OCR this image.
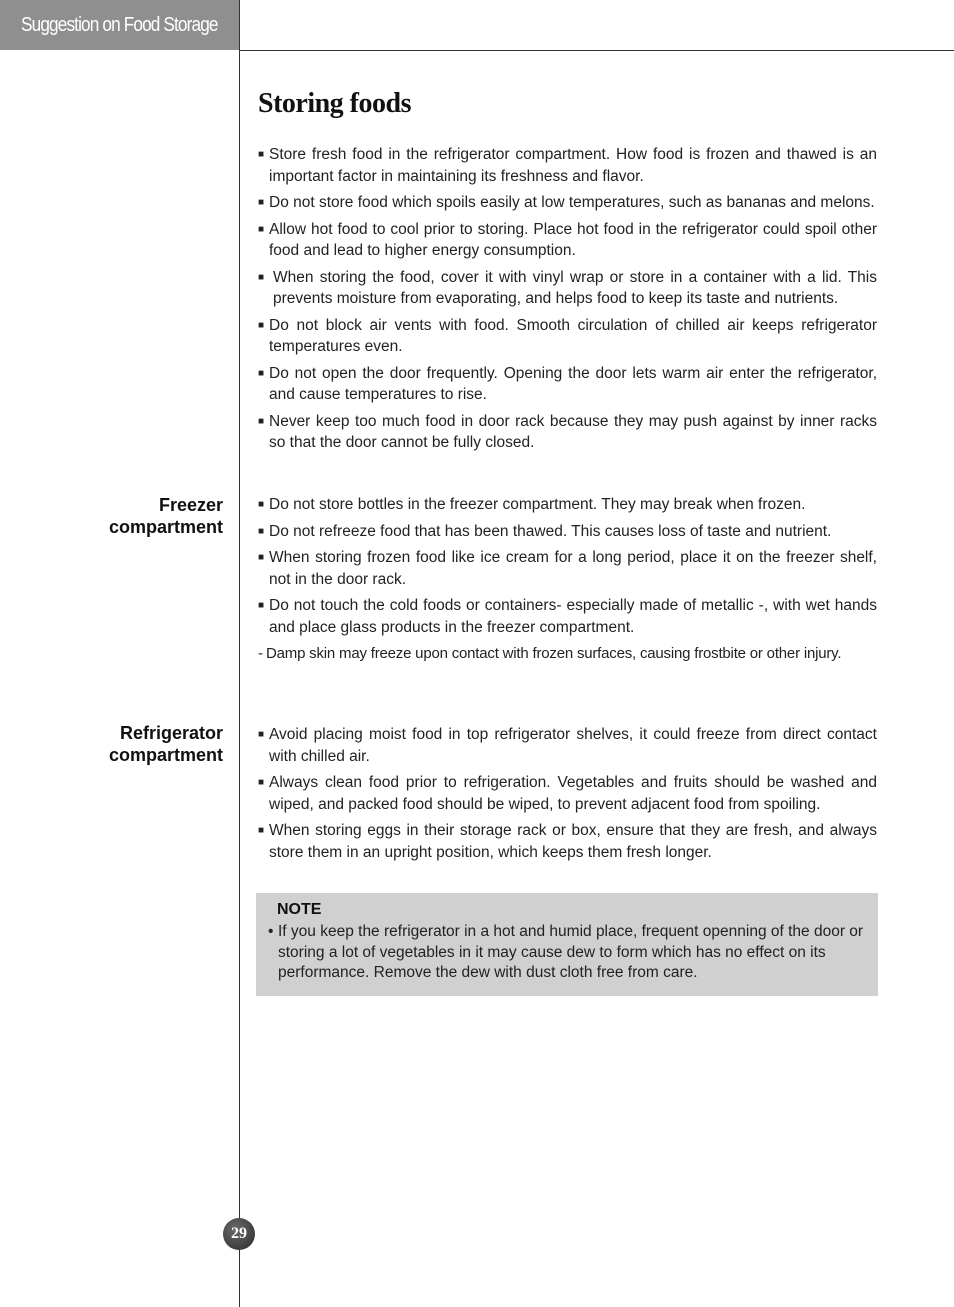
Suggestion on Food Storage
Storing foods
■ Store fresh food in the refrigerator compartment. How food is frozen and thawed is an important factor in maintaining its freshness and flavor.
■ Do not store food which spoils easily at low temperatures, such as bananas and melons.
■ Allow hot food to cool prior to storing. Place hot food in the refrigerator could spoil other food and lead to higher energy consumption.
■ When storing the food, cover it with vinyl wrap or store in a container with a lid. This prevents moisture from evaporating, and helps food to keep its taste and nutrients.
■ Do not block air vents with food. Smooth circulation of chilled air keeps refrigerator temperatures even.
■ Do not open the door frequently. Opening the door lets warm air enter the refrigerator, and cause temperatures to rise.
■ Never keep too much food in door rack because they may push against by inner racks so that the door cannot be fully closed.
Freezer
compartment
■ Do not store bottles in the freezer compartment. They may break when frozen.
■ Do not refreeze food that has been thawed. This causes loss of taste and nutrient.
■ When storing frozen food like ice cream for a long period, place it on the freezer shelf, not in the door rack.
■ Do not touch the cold foods or containers- especially made of metallic -, with wet hands and place glass products in the freezer compartment.
- Damp skin may freeze upon contact with frozen surfaces, causing frostbite or other injury.
Refrigerator
compartment
■ Avoid placing moist food in top refrigerator shelves, it could freeze from direct contact with chilled air.
■ Always clean food prior to refrigeration. Vegetables and fruits should be washed and wiped, and packed food should be wiped, to prevent adjacent food from spoiling.
■ When storing eggs in their storage rack or box, ensure that they are fresh, and always store them in an upright position, which keeps them fresh longer.
NOTE
• If you keep the refrigerator in a hot and humid place, frequent openning of the door or storing a lot of vegetables in it may cause dew to form which has no effect on its performance. Remove the dew with dust cloth free from care.
29
